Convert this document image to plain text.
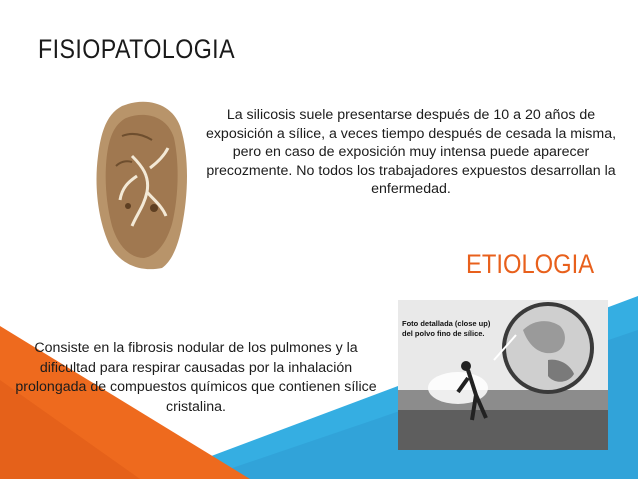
FISIOPATOLOGIA
La silicosis suele presentarse después de 10 a 20 años de exposición a sílice, a veces tiempo después de cesada la misma, pero en caso de exposición muy intensa puede aparecer precozmente. No todos los trabajadores expuestos desarrollan la enfermedad.
ETIOLOGIA
Foto detallada (close up)
del polvo fino de sílice.
Consiste en la fibrosis nodular de los pulmones y la dificultad para respirar causadas por la inhalación prolongada de compuestos químicos que contienen sílice cristalina.
